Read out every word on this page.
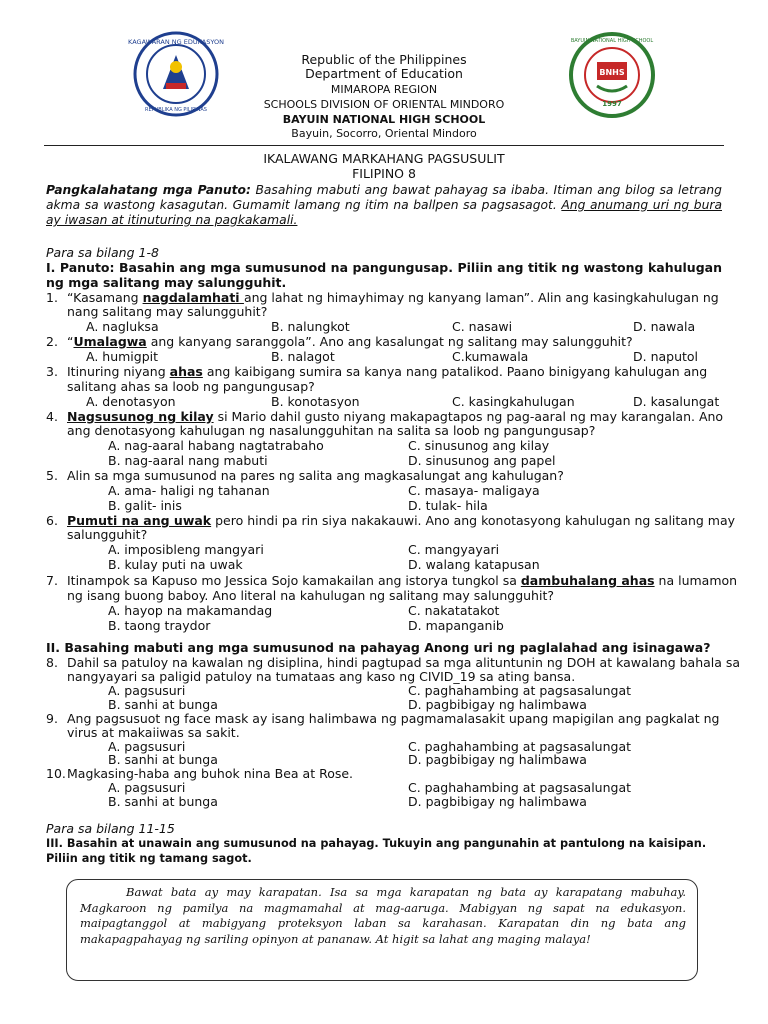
KAGAWARAN NG EDUKASYON
REPUBLIKA NG PILIPINAS
BNHS
1997
BAYUIN NATIONAL HIGH SCHOOL
Republic of the Philippines
Department of Education
MIMAROPA REGION
SCHOOLS DIVISION OF ORIENTAL MINDORO
BAYUIN NATIONAL HIGH SCHOOL
Bayuin, Socorro, Oriental Mindoro
IKALAWANG MARKAHANG PAGSUSULIT
FILIPINO 8
Pangkalahatang mga Panuto: Basahing mabuti ang bawat pahayag sa ibaba. Itiman ang bilog sa letrang akma sa wastong kasagutan. Gumamit lamang ng itim na ballpen sa pagsasagot. Ang anumang uri ng bura ay iwasan at itinuturing na pagkakamali.
Para sa bilang 1-8
I. Panuto: Basahin ang mga sumusunod na pangungusap. Piliin ang titik ng wastong kahulugan ng mga salitang may salungguhit.
1. “Kasamang nagdalamhati ang lahat ng himayhimay ng kanyang laman”. Alin ang kasingkahulugan ng
nang salitang may salungguhit?
A. nagluksa	B. nalungkot	C. nasawi	D. nawala
2. “Umalagwa ang kanyang saranggola”. Ano ang kasalungat ng salitang may salungguhit?
A. humigpit	B. nalagot	C.kumawala	D. naputol
3. Itinuring niyang ahas ang kaibigang sumira sa kanya nang patalikod. Paano binigyang kahulugan ang
salitang ahas sa loob ng pangungusap?
A. denotasyon	B. konotasyon	C. kasingkahulugan	D. kasalungat
4. Nagsusunog ng kilay si Mario dahil gusto niyang makapagtapos ng pag-aaral ng may karangalan. Ano
ang denotasyong kahulugan ng nasalungguhitan na salita sa loob ng pangungusap?
A. nag-aaral habang nagtatrabaho	C. sinusunog ang kilay
B. nag-aaral nang mabuti	D. sinusunog ang papel
5. Alin sa mga sumusunod na pares ng salita ang magkasalungat ang kahulugan?
A. ama- haligi ng tahanan	C. masaya- maligaya
B. galit- inis	D. tulak- hila
6. Pumuti na ang uwak pero hindi pa rin siya nakakauwi. Ano ang konotasyong kahulugan ng salitang may
salungguhit?
A. imposibleng mangyari	C. mangyayari
B. kulay puti na uwak	D. walang katapusan
7. Itinampok sa Kapuso mo Jessica Sojo kamakailan ang istorya tungkol sa dambuhalang ahas na lumamon
ng isang buong baboy. Ano literal na kahulugan ng salitang may salungguhit?
A. hayop na makamandag	C. nakatatakot
B. taong traydor	D. mapanganib
II. Basahing mabuti ang mga sumusunod na pahayag Anong uri ng paglalahad ang isinagawa?
8. Dahil sa patuloy na kawalan ng disiplina, hindi pagtupad sa mga alituntunin ng DOH at kawalang bahala sa
nangyayari sa paligid patuloy na tumataas ang kaso ng CIVID_19 sa ating bansa.
A. pagsusuri	C. paghahambing at pagsasalungat
B. sanhi at bunga	D. pagbibigay ng halimbawa
9. Ang pagsusuot ng face mask ay isang halimbawa ng pagmamalasakit upang mapigilan ang pagkalat ng
virus at makaiiwas sa sakit.
A. pagsusuri	C. paghahambing at pagsasalungat
B. sanhi at bunga	D. pagbibigay ng halimbawa
10. Magkasing-haba ang buhok nina Bea at Rose.
A. pagsusuri	C. paghahambing at pagsasalungat
B. sanhi at bunga	D. pagbibigay ng halimbawa
Para sa bilang 11-15
III. Basahin at unawain ang sumusunod na pahayag. Tukuyin ang pangunahin at pantulong na kaisipan. Piliin ang titik ng tamang sagot.
Bawat bata ay may karapatan. Isa sa mga karapatan ng bata ay karapatang mabuhay. Magkaroon ng pamilya na magmamahal at mag-aaruga. Mabigyan ng sapat na edukasyon. maipagtanggol at mabigyang proteksyon laban sa karahasan. Karapatan din ng bata ang makapagpahayag ng sariling opinyon at pananaw. At higit sa lahat ang maging malaya!
